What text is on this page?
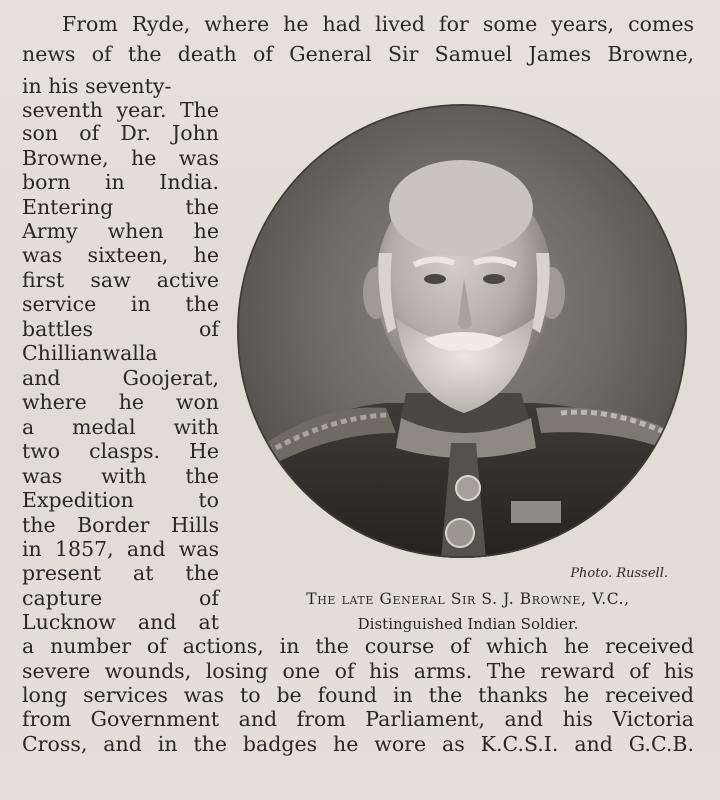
From Ryde, where he had lived for some years, comes

news of the death of General Sir Samuel James Browne,

in his seventy-

seventh year. The

son of Dr. John

Browne, he was

born in India.

Entering the

Army when he

was sixteen, he

first saw active

service in the

battles of

Chillianwalla

and Goojerat,

where he won

a medal with

two clasps. He

was with the

Expedition to

the Border Hills

in 1857, and was

present at the

capture of

Lucknow and at

a number of actions, in the course of which he received

severe wounds, losing one of his arms. The reward of his

long services was to be found in the thanks he received

from Government and from Parliament, and his Victoria

Cross, and in the badges he wore as K.C.S.I. and G.C.B.

Photo. Russell.
The late General Sir S. J. Browne, V.C.,
Distinguished Indian Soldier.
